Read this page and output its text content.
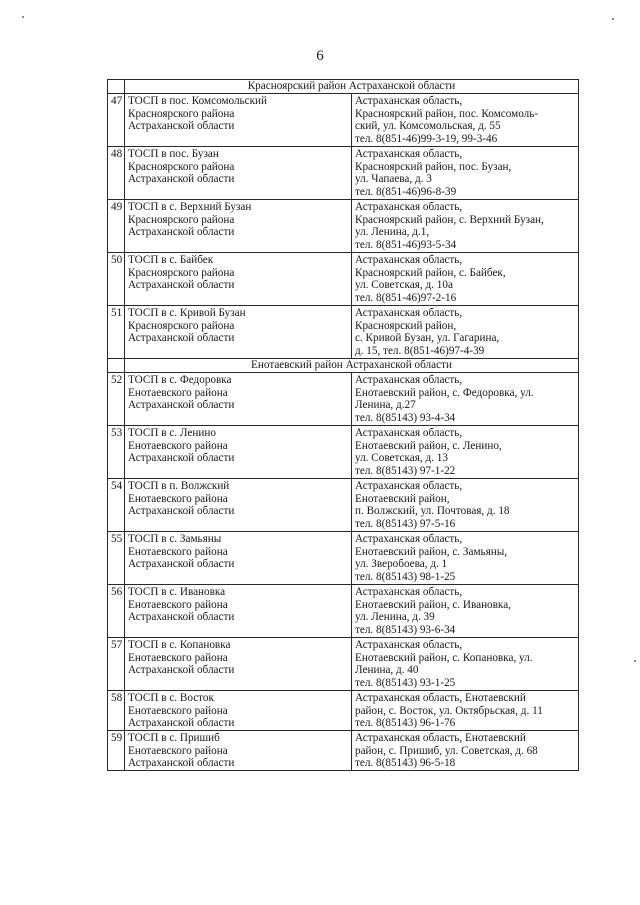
6
	Красноярский район Астраханской области	
47	ТОСП в пос. Комсомольский
Красноярского района
Астраханской области	Астраханская область,
Красноярский район, пос. Комсомоль-
ский, ул. Комсомольская, д. 55
тел. 8(851-46)99-3-19, 99-3-46
48	ТОСП в пос. Бузан
Красноярского района
Астраханской области	Астраханская область,
Красноярский район, пос. Бузан,
ул. Чапаева, д. 3
тел. 8(851-46)96-8-39
49	ТОСП в с. Верхний Бузан
Красноярского района
Астраханской области	Астраханская область,
Красноярский район, с. Верхний Бузан,
ул. Ленина, д.1,
тел. 8(851-46)93-5-34
50	ТОСП в с. Байбек
Красноярского района
Астраханской области	Астраханская область,
Красноярский район, с. Байбек,
ул. Советская, д. 10а
тел. 8(851-46)97-2-16
51	ТОСП в с. Кривой Бузан
Красноярского района
Астраханской области	Астраханская область,
Красноярский район,
с. Кривой Бузан, ул. Гагарина,
д. 15, тел. 8(851-46)97-4-39
	Енотаевский район Астраханской области	
52	ТОСП в с. Федоровка
Енотаевского района
Астраханской области	Астраханская область,
Енотаевский район, с. Федоровка, ул.
Ленина, д.27
тел. 8(85143) 93-4-34
53	ТОСП в с. Ленино
Енотаевского района
Астраханской области	Астраханская область,
Енотаевский район, с. Ленино,
ул. Советская, д. 13
тел. 8(85143) 97-1-22
54	ТОСП в п. Волжский
Енотаевского района
Астраханской области	Астраханская область,
Енотаевский район,
п. Волжский, ул. Почтовая, д. 18
тел. 8(85143) 97-5-16
55	ТОСП в с. Замьяны
Енотаевского района
Астраханской области	Астраханская область,
Енотаевский район, с. Замьяны,
ул. Зверобоева, д. 1
тел. 8(85143) 98-1-25
56	ТОСП в с. Ивановка
Енотаевского района
Астраханской области	Астраханская область,
Енотаевский район, с. Ивановка,
ул. Ленина, д. 39
тел. 8(85143) 93-6-34
57	ТОСП в с. Копановка
Енотаевского района
Астраханской области	Астраханская область,
Енотаевский район, с. Копановка, ул.
Ленина, д. 40
тел. 8(85143) 93-1-25
58	ТОСП в с. Восток
Енотаевского района
Астраханской области	Астраханская область, Енотаевский
район, с. Восток, ул. Октябрьская, д. 11
тел. 8(85143) 96-1-76
59	ТОСП в с. Пришиб
Енотаевского района
Астраханской области	Астраханская область, Енотаевский
район, с. Пришиб, ул. Советская, д. 68
тел. 8(85143) 96-5-18
